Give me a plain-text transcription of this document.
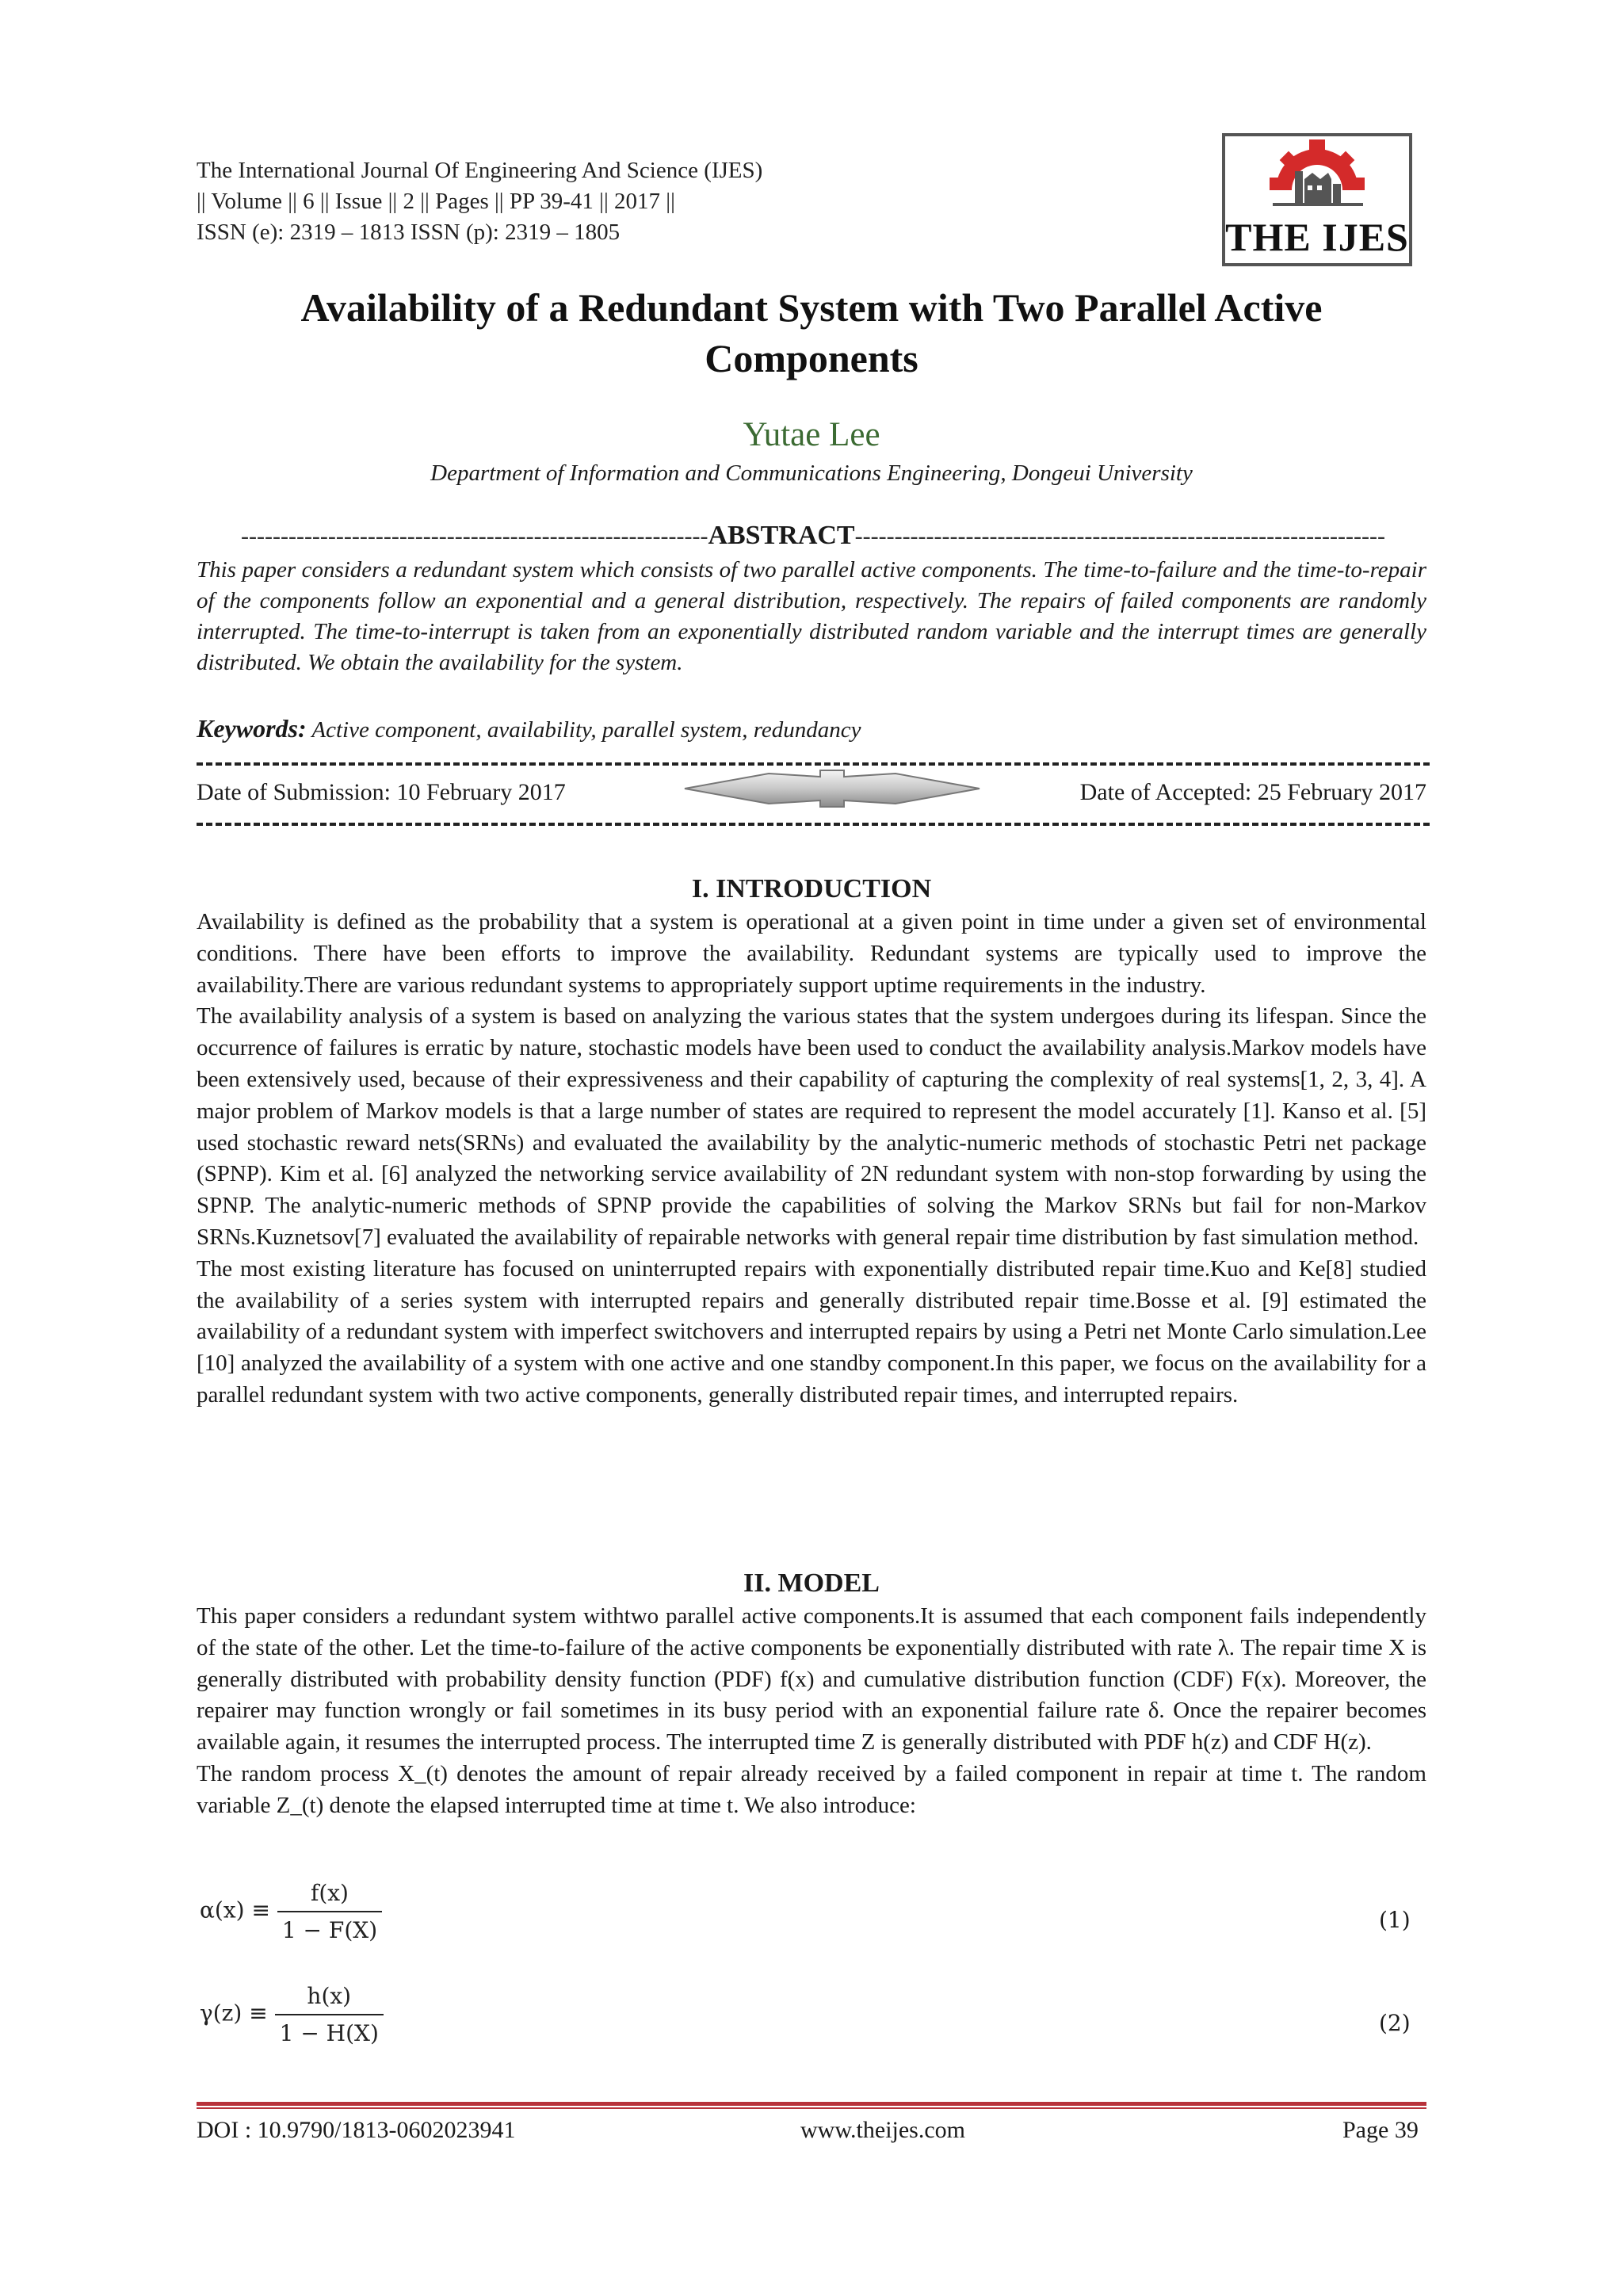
The International Journal Of Engineering And Science (IJES)
|| Volume || 6 || Issue || 2 || Pages || PP 39-41 || 2017 ||
ISSN (e): 2319 – 1813 ISSN (p): 2319 – 1805	THE IJES
Availability of a Redundant System with Two Parallel Active Components
Yutae Lee
Department of Information and Communications Engineering, Dongeui University
-----------------------------------------------------------ABSTRACT-------------------------------------------------------------------
This paper considers a redundant system which consists of two parallel active components. The time-to-failure and the time-to-repair of the components follow an exponential and a general distribution, respectively. The repairs of failed components are randomly interrupted. The time-to-interrupt is taken from an exponentially distributed random variable and the interrupt times are generally distributed. We obtain the availability for the system.
Keywords: Active component, availability, parallel system, redundancy
Date of Submission: 10 February 2017	Date of Accepted: 25 February 2017
I. INTRODUCTION

Availability is defined as the probability that a system is operational at a given point in time under a given set of environmental conditions. There have been efforts to improve the availability. Redundant systems are typically used to improve the availability.There are various redundant systems to appropriately support uptime requirements in the industry.

The availability analysis of a system is based on analyzing the various states that the system undergoes during its lifespan. Since the occurrence of failures is erratic by nature, stochastic models have been used to conduct the availability analysis.Markov models have been extensively used, because of their expressiveness and their capability of capturing the complexity of real systems[1, 2, 3, 4]. A major problem of Markov models is that a large number of states are required to represent the model accurately [1]. Kanso et al. [5] used stochastic reward nets(SRNs) and evaluated the availability by the analytic-numeric methods of stochastic Petri net package (SPNP). Kim et al. [6] analyzed the networking service availability of 2N redundant system with non-stop forwarding by using the SPNP. The analytic-numeric methods of SPNP provide the capabilities of solving the Markov SRNs but fail for non-Markov SRNs.Kuznetsov[7] evaluated the availability of repairable networks with general repair time distribution by fast simulation method.

The most existing literature has focused on uninterrupted repairs with exponentially distributed repair time.Kuo and Ke[8] studied the availability of a series system with interrupted repairs and generally distributed repair time.Bosse et al. [9] estimated the availability of a redundant system with imperfect switchovers and interrupted repairs by using a Petri net Monte Carlo simulation.Lee [10] analyzed the availability of a system with one active and one standby component.In this paper, we focus on the availability for a parallel redundant system with two active components, generally distributed repair times, and interrupted repairs.

II. MODEL

This paper considers a redundant system withtwo parallel active components.It is assumed that each component fails independently of the state of the other. Let the time-to-failure of the active components be exponentially distributed with rate λ. The repair time X is generally distributed with probability density function (PDF) f(x) and cumulative distribution function (CDF) F(x). Moreover, the repairer may function wrongly or fail sometimes in its busy period with an exponential failure rate δ. Once the repairer becomes available again, it resumes the interrupted process. The interrupted time Z is generally distributed with PDF h(z) and CDF H(z).

The random process X_(t) denotes the amount of repair already received by a failed component in repair at time t. The random variable Z_(t) denote the elapsed interrupted time at time t. We also introduce:

$\alpha(x) \equiv \frac{f(x)}{1 - F(X)}$	(1)
$\gamma(z) \equiv \frac{h(x)}{1 - H(X)}$	(2)
DOI : 10.9790/1813-0602023941	www.theijes.com	Page 39
